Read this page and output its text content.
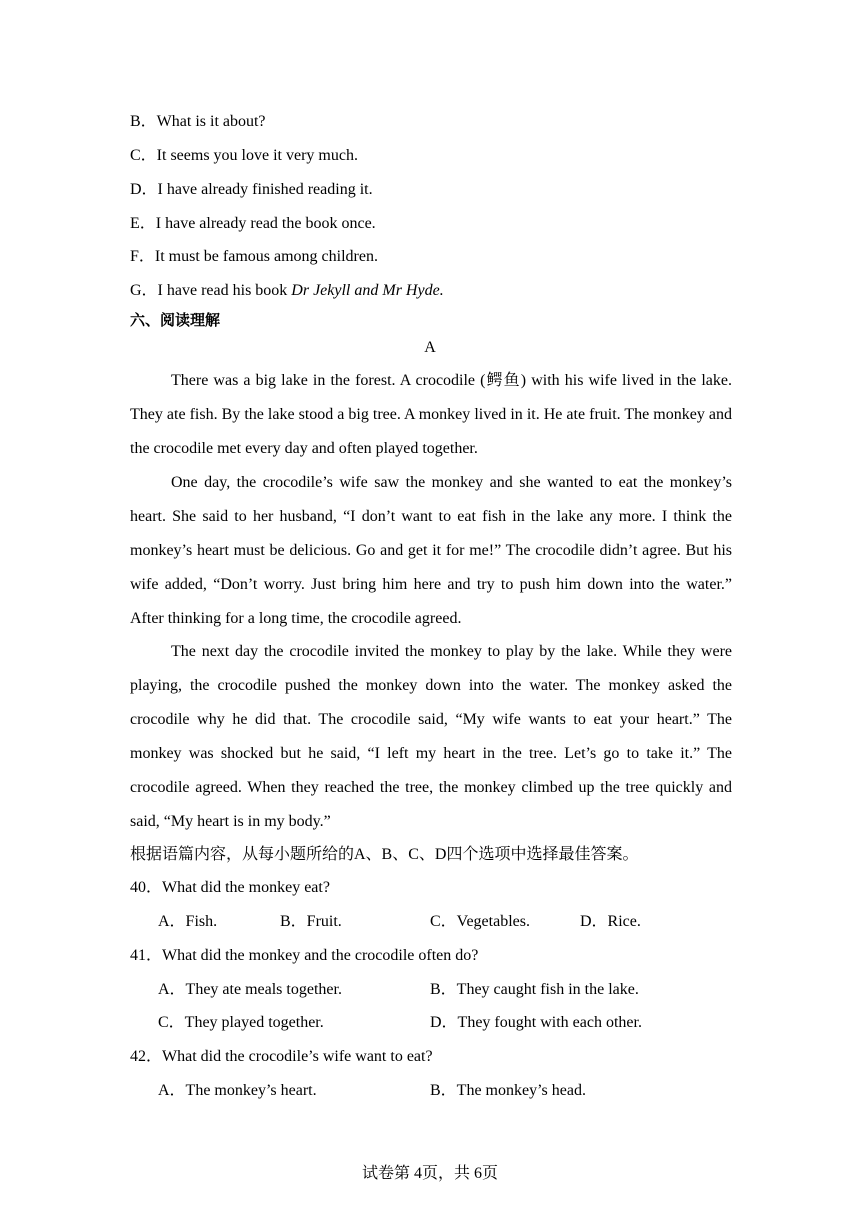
B．What is it about?
C．It seems you love it very much.
D．I have already finished reading it.
E．I have already read the book once.
F．It must be famous among children.
G．I have read his book Dr Jekyll and Mr Hyde.
六、阅读理解
A
There was a big lake in the forest. A crocodile (鳄鱼) with his wife lived in the lake. They ate fish. By the lake stood a big tree. A monkey lived in it. He ate fruit. The monkey and the crocodile met every day and often played together.
One day, the crocodile’s wife saw the monkey and she wanted to eat the monkey’s heart. She said to her husband, “I don’t want to eat fish in the lake any more. I think the monkey’s heart must be delicious. Go and get it for me!” The crocodile didn’t agree. But his wife added, “Don’t worry. Just bring him here and try to push him down into the water.” After thinking for a long time, the crocodile agreed.
The next day the crocodile invited the monkey to play by the lake. While they were playing, the crocodile pushed the monkey down into the water. The monkey asked the crocodile why he did that. The crocodile said, “My wife wants to eat your heart.” The monkey was shocked but he said, “I left my heart in the tree. Let’s go to take it.” The crocodile agreed. When they reached the tree, the monkey climbed up the tree quickly and said, “My heart is in my body.”
根据语篇内容，从每小题所给的A、B、C、D四个选项中选择最佳答案。
40．What did the monkey eat?
A．Fish.	B．Fruit.	C．Vegetables.	D．Rice.
41．What did the monkey and the crocodile often do?
A．They ate meals together.	B．They caught fish in the lake.
C．They played together.	D．They fought with each other.
42．What did the crocodile’s wife want to eat?
A．The monkey’s heart.	B．The monkey’s head.
试卷第 4页，共 6页
